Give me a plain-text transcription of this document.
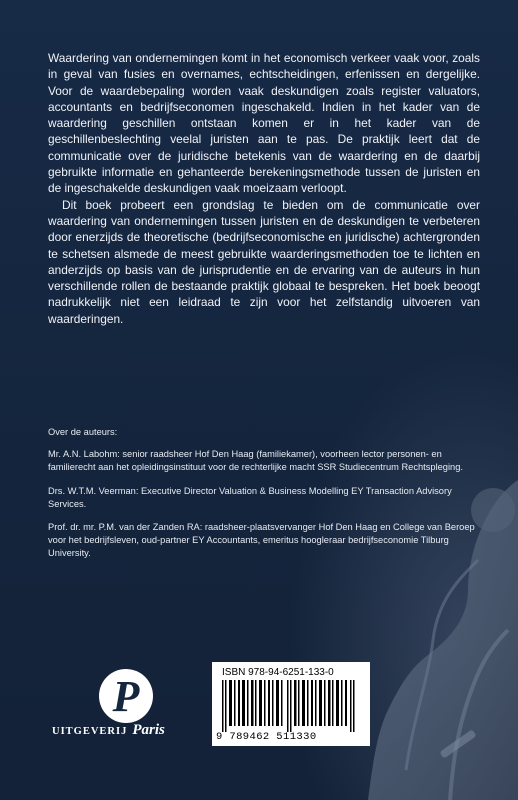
Waardering van ondernemingen komt in het economisch verkeer vaak voor, zoals in geval van fusies en overnames, echtscheidingen, erfenissen en dergelijke. Voor de waardebepaling worden vaak deskundigen zoals register valuators, accountants en bedrijfseconomen ingeschakeld. Indien in het kader van de waardering geschillen ontstaan komen er in het kader van de geschillenbeslechting veelal juristen aan te pas. De praktijk leert dat de communicatie over de juridische betekenis van de waardering en de daarbij gebruikte informatie en gehanteerde berekeningsmethode tussen de juristen en de ingeschakelde deskundigen vaak moeizaam verloopt.

Dit boek probeert een grondslag te bieden om de communicatie over waardering van ondernemingen tussen juristen en de deskundigen te verbeteren door enerzijds de theoretische (bedrijfseconomische en juridische) achtergronden te schetsen alsmede de meest gebruikte waarderingsmethoden toe te lichten en anderzijds op basis van de jurisprudentie en de ervaring van de auteurs in hun verschillende rollen de bestaande praktijk globaal te bespreken. Het boek beoogt nadrukkelijk niet een leidraad te zijn voor het zelfstandig uitvoeren van waarderingen.

Over de auteurs:

Mr. A.N. Labohm: senior raadsheer Hof Den Haag (familiekamer), voorheen lector personen- en familierecht aan het opleidingsinstituut voor de rechterlijke macht SSR Studiecentrum Rechtspleging.

Drs. W.T.M. Veerman: Executive Director Valuation & Business Modelling EY Transaction Advisory Services.

Prof. dr. mr. P.M. van der Zanden RA: raadsheer-plaatsvervanger Hof Den Haag en College van Beroep voor het bedrijfsleven, oud-partner EY Accountants, emeritus hoogleraar bedrijfseconomie Tilburg University.

P
UITGEVERIJ Paris
ISBN 978-94-6251-133-0
9 789462 511330
